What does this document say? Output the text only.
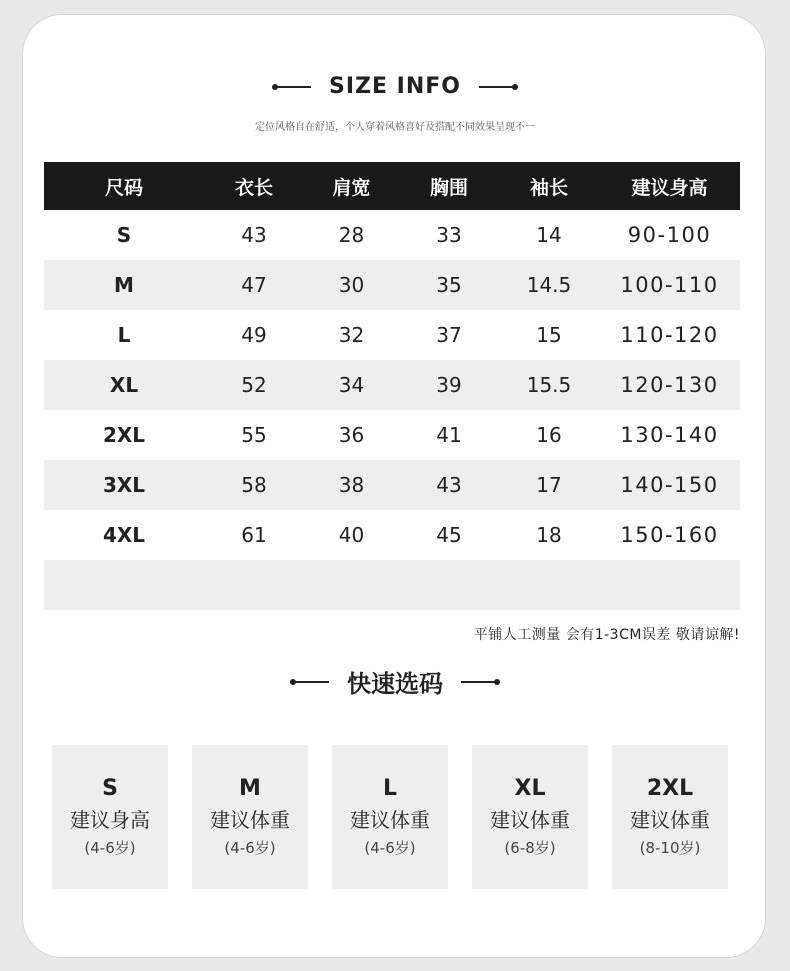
SIZE INFO
定位风格自在舒适，个人穿着风格喜好及搭配不同效果呈现不一
尺码	衣长	肩宽	胸围	袖长	建议身高
S	43	28	33	14	90-100
M	47	30	35	14.5	100-110
L	49	32	37	15	110-120
XL	52	34	39	15.5	120-130
2XL	55	36	41	16	130-140
3XL	58	38	43	17	140-150
4XL	61	40	45	18	150-160
平铺人工测量 会有1-3CM误差 敬请谅解!
快速选码
S
建议身高
(4-6岁)
M
建议体重
(4-6岁)
L
建议体重
(4-6岁)
XL
建议体重
(6-8岁)
2XL
建议体重
(8-10岁)
